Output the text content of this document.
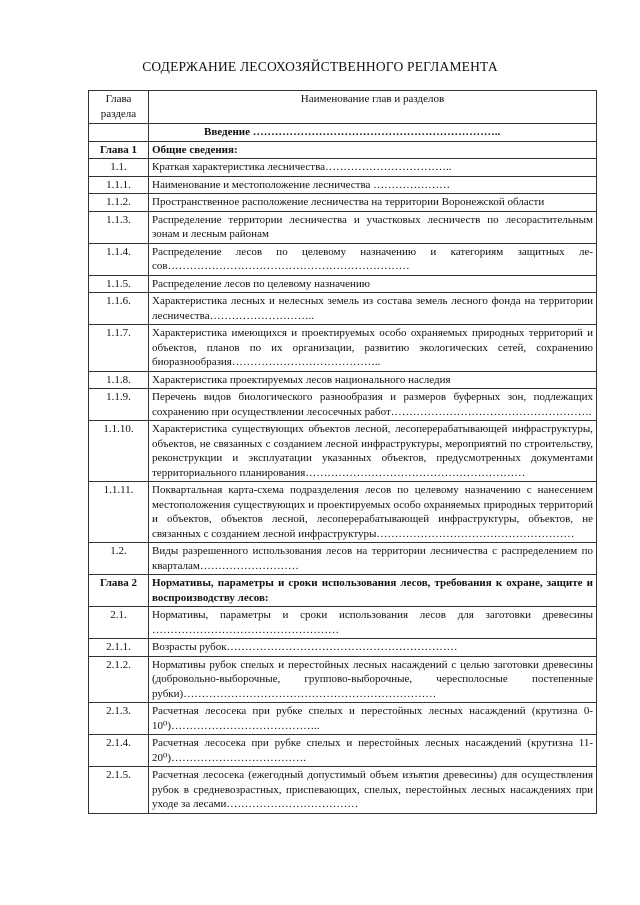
СОДЕРЖАНИЕ ЛЕСОХОЗЯЙСТВЕННОГО РЕГЛАМЕНТА
Глава раздела	Наименование глав и разделов
	Введение …………………………………………………………..
Глава 1	Общие сведения:
1.1.	Краткая характеристика лесничества……………………………..
1.1.1.	Наименование и местоположение лесничества …………………
1.1.2.	Пространственное расположение лесничества на территории Воронежской области
1.1.3.	Распределение территории лесничества и участковых лесничеств по лесорастительным зонам и лесным районам
1.1.4.	Распределение лесов по целевому назначению и категориям защитных лесов…………………………………………………………
1.1.5.	Распределение лесов по целевому назначению
1.1.6.	Характеристика лесных и нелесных земель из состава земель лесного фонда на территории лесничества………………………..
1.1.7.	Характеристика имеющихся и проектируемых особо охраняемых природных территорий и объектов, планов по их организации, развитию экологических сетей, сохранению биоразнообразия…………………………………..
1.1.8.	Характеристика проектируемых лесов национального наследия
1.1.9.	Перечень видов биологического разнообразия и размеров буферных зон, подлежащих сохранению при осуществлении лесосечных работ……………………………………………….
1.1.10.	Характеристика существующих объектов лесной, лесоперерабатывающей инфраструктуры, объектов, не связанных с созданием лесной инфраструктуры, мероприятий по строительству, реконструкции и эксплуатации указанных объектов, предусмотренных документами территориального планирования……………………………………………………
1.1.11.	Поквартальная карта-схема подразделения лесов по целевому назначению с нанесением местоположения существующих и проектируемых особо охраняемых природных территорий и объектов, объектов лесной, лесоперерабатывающей инфраструктуры, объектов, не связанных с созданием лесной инфраструктуры………………………………………………
1.2.	Виды разрешенного использования лесов на территории лесничества с распределением по кварталам………………………
Глава 2	Нормативы, параметры и сроки использования лесов, требования к охране, защите и воспроизводству лесов:
2.1.	Нормативы, параметры и сроки использования лесов для заготовки древесины ……………………………………………
2.1.1.	Возрасты рубок………………………………………………………
2.1.2.	Нормативы рубок спелых и перестойных лесных насаждений с целью заготовки древесины (добровольно-выборочные, группово-выборочные, чересполосные постепенные рубки)……………………………………………………………
2.1.3.	Расчетная лесосека при рубке спелых и перестойных лесных насаждений (крутизна 0-10⁰)…………………………………..
2.1.4.	Расчетная лесосека при рубке спелых и перестойных лесных насаждений (крутизна 11-20⁰)……………………………….
2.1.5.	Расчетная лесосека (ежегодный допустимый объем изъятия древесины) для осуществления рубок в средневозрастных, приспевающих, спелых, перестойных лесных насаждениях при уходе за лесами………………………………
